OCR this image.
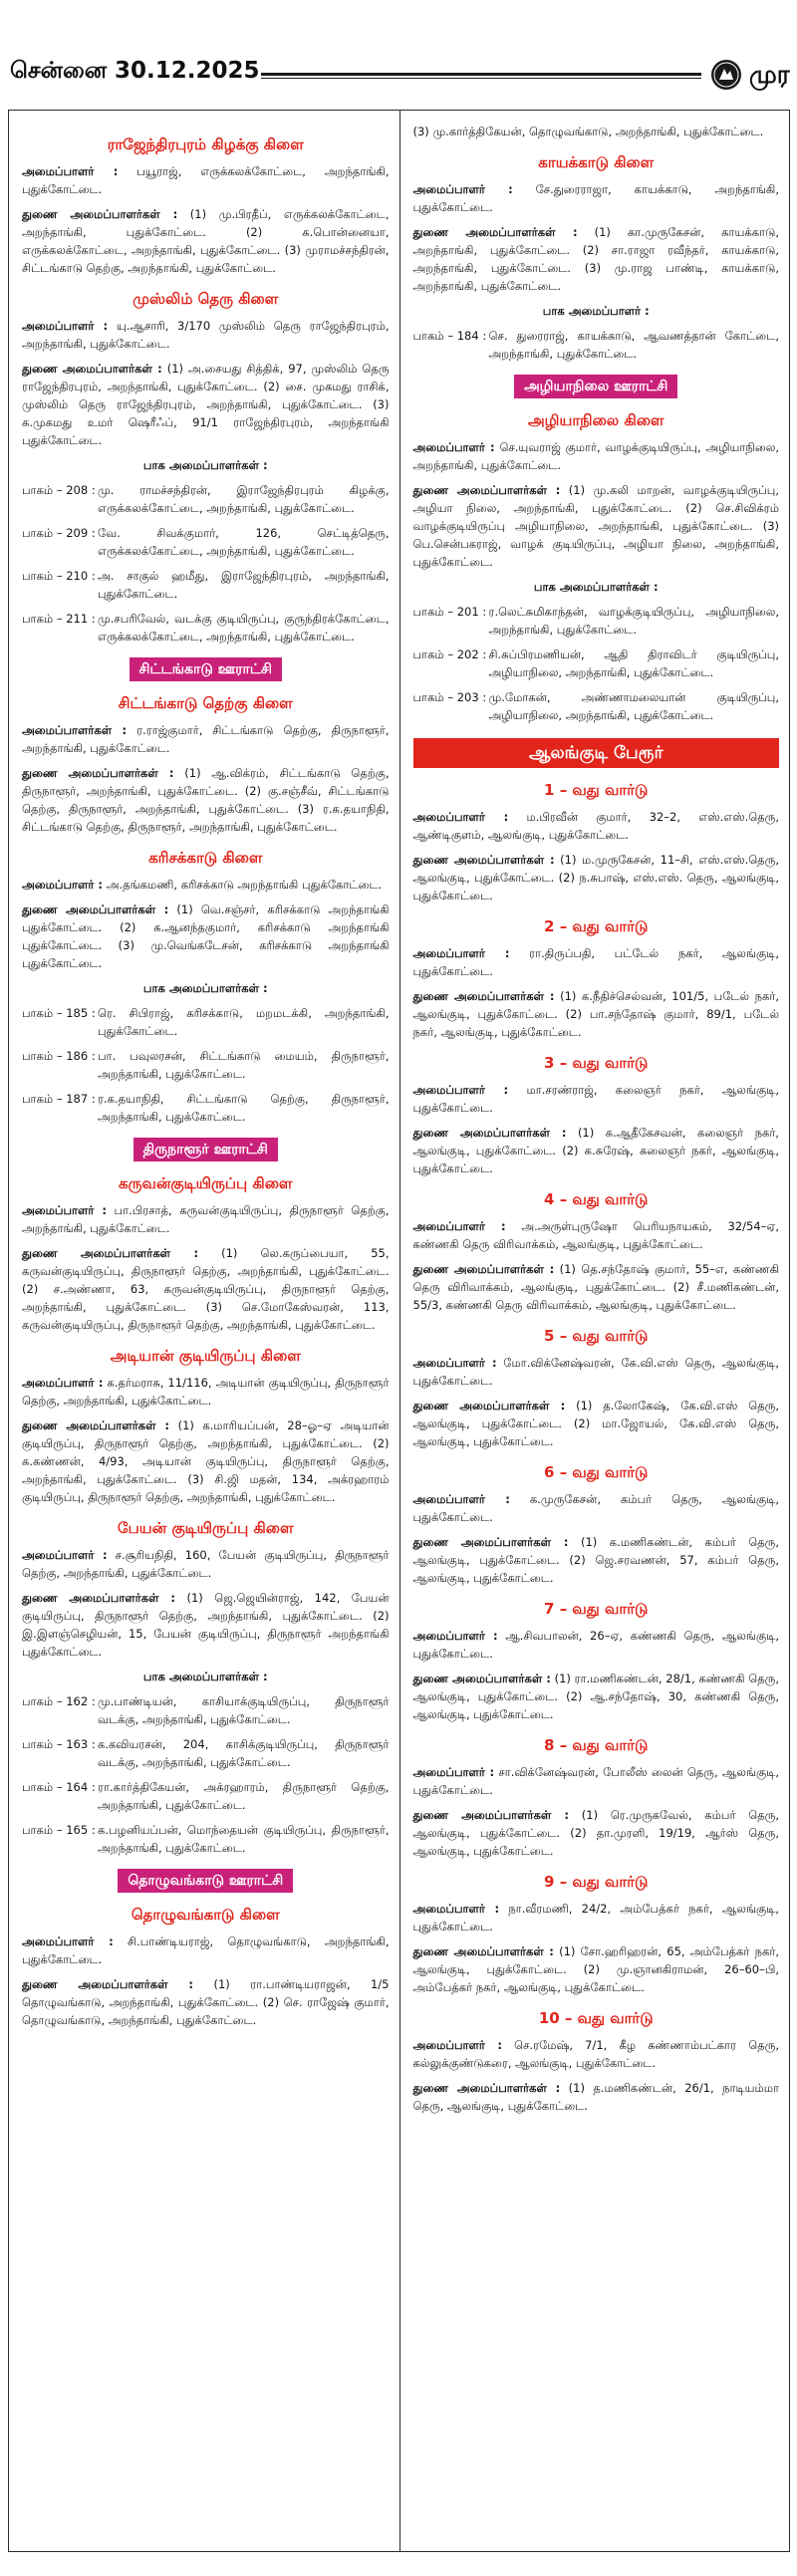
சென்னை 30.12.2025	முர
ராஜேந்திரபுரம் கிழக்கு கிளை

அமைப்பாளர் : பயூராஜ், எருக்கலக்கோட்டை, அறந்தாங்கி, புதுக்கோட்டை.

துணை அமைப்பாளர்கள் : (1) மு.பிரதீப், எருக்கலக்கோட்டை, அறந்தாங்கி, புதுக்கோட்டை. (2) க.பொன்னையா, எருக்கலக்கோட்டை, அறந்தாங்கி, புதுக்கோட்டை. (3) முராமச்சந்திரன், சிட்டங்காடு தெற்கு, அறந்தாங்கி, புதுக்கோட்டை.

முஸ்லிம் தெரு கிளை

அமைப்பாளர் : யு.ஆசாரி, 3/170 முஸ்லிம் தெரு ராஜேந்திரபுரம், அறந்தாங்கி, புதுக்கோட்டை.

துணை அமைப்பாளர்கள் : (1) அ.சையது சித்திக், 97, முஸ்லிம் தெரு ராஜேந்திரபுரம், அறந்தாங்கி, புதுக்கோட்டை. (2) சை. முகமது ராசிக், முஸ்லிம் தெரு ராஜேந்திரபுரம், அறந்தாங்கி, புதுக்கோட்டை. (3) க.முகமது உமர் ஷெரீஃப், 91/1 ராஜேந்திரபுரம், அறந்தாங்கி புதுக்கோட்டை.

பாக அமைப்பாளர்கள் :
பாகம் – 208 : மு. ராமச்சந்திரன், இராஜேந்திரபுரம் கிழக்கு, எருக்கலக்கோட்டை, அறந்தாங்கி, புதுக்கோட்டை.
பாகம் – 209 : வே. சிவக்குமார், 126, செட்டித்தெரு, எருக்கலக்கோட்டை, அறந்தாங்கி, புதுக்கோட்டை.
பாகம் – 210 : அ. சாகுல் ஹமீது, இராஜேந்திரபுரம், அறந்தாங்கி, புதுக்கோட்டை.
பாகம் – 211 : மு.சபரிவேல், வடக்கு குடியிருப்பு, குருந்திரக்கோட்டை, எருக்கலக்கோட்டை, அறந்தாங்கி, புதுக்கோட்டை.
சிட்டங்காடு ஊராட்சி
சிட்டங்காடு தெற்கு கிளை

அமைப்பாளர்கள் : ர.ராஜ்குமார், சிட்டங்காடு தெற்கு, திருநாளூர், அறந்தாங்கி, புதுக்கோட்டை.

துணை அமைப்பாளர்கள் : (1) ஆ.விக்ரம், சிட்டங்காடு தெற்கு, திருநாளூர், அறந்தாங்கி, புதுக்கோட்டை. (2) கு.சஞ்சீவ், சிட்டங்காடு தெற்கு, திருநாளூர், அறந்தாங்கி, புதுக்கோட்டை. (3) ர.க.தயாநிதி, சிட்டங்காடு தெற்கு, திருநாளூர், அறந்தாங்கி, புதுக்கோட்டை.

கரிசக்காடு கிளை

அமைப்பாளர் : அ.தங்கமணி, கரிசக்காடு அறந்தாங்கி புதுக்கோட்டை.

துணை அமைப்பாளர்கள் : (1) வெ.சஞ்சர், கரிசக்காடு அறந்தாங்கி புதுக்கோட்டை. (2) க.ஆனந்தகுமார், கரிசக்காடு அறந்தாங்கி புதுக்கோட்டை. (3) மு.வெங்கடேசன், கரிசக்காடு அறந்தாங்கி புதுக்கோட்டை.

பாக அமைப்பாளர்கள் :
பாகம் – 185 : ரெ. சிபிராஜ், கரிசக்காடு, மறமடக்கி, அறந்தாங்கி, புதுக்கோட்டை.
பாகம் – 186 : பா. பவுலரசன், சிட்டங்காடு மையம், திருநாளூர், அறந்தாங்கி, புதுக்கோட்டை.
பாகம் – 187 : ர.க.தயாநிதி, சிட்டங்காடு தெற்கு, திருநாளூர், அறந்தாங்கி, புதுக்கோட்டை.
திருநாளூர் ஊராட்சி
கருவன்குடியிருப்பு கிளை

அமைப்பாளர் : பா.பிரசாத், கருவன்குடியிருப்பு, திருநாளூர் தெற்கு, அறந்தாங்கி, புதுக்கோட்டை.

துணை அமைப்பாளர்கள் : (1) லெ.கருப்பையா, 55, கருவன்குடியிருப்பு, திருநாளூர் தெற்கு, அறந்தாங்கி, புதுக்கோட்டை. (2) ச.அண்ணா, 63, கருவன்குடியிருப்பு, திருநாளூர் தெற்கு, அறந்தாங்கி, புதுக்கோட்டை. (3) செ.மோகேஸ்வரன், 113, கருவன்குடியிருப்பு, திருநாளூர் தெற்கு, அறந்தாங்கி, புதுக்கோட்டை.

அடியான் குடியிருப்பு கிளை

அமைப்பாளர் : க.தர்மராசு, 11/116, அடியான் குடியிருப்பு, திருநாளூர் தெற்கு, அறந்தாங்கி, புதுக்கோட்டை.

துணை அமைப்பாளர்கள் : (1) க.மாரியப்பன், 28–ஓ–ஏ அடியான் குடியிருப்பு, திருநாளூர் தெற்கு, அறந்தாங்கி, புதுக்கோட்டை. (2) க.கண்ணன், 4/93, அடியான் குடியிருப்பு, திருநாளூர் தெற்கு, அறந்தாங்கி, புதுக்கோட்டை. (3) சி.ஜி மதன், 134, அக்ரஹாரம் குடியிருப்பு, திருநாளூர் தெற்கு, அறந்தாங்கி, புதுக்கோட்டை.

பேயன் குடியிருப்பு கிளை

அமைப்பாளர் : ச.சூரியநிதி, 160, பேயன் குடியிருப்பு, திருநாளூர் தெற்கு, அறந்தாங்கி, புதுக்கோட்டை.

துணை அமைப்பாளர்கள் : (1) ஜெ.ஜெயின்ராஜ், 142, பேயன் குடியிருப்பு, திருநாளூர் தெற்கு, அறந்தாங்கி, புதுக்கோட்டை. (2) இ.இளஞ்செழியன், 15, பேயன் குடியிருப்பு, திருநாளூர் அறந்தாங்கி புதுக்கோட்டை.

பாக அமைப்பாளர்கள் :
பாகம் – 162 : மு.பாண்டியன், காசியாக்குடியிருப்பு, திருநாளூர் வடக்கு, அறந்தாங்கி, புதுக்கோட்டை.
பாகம் – 163 : க.கவியரசன், 204, காசிக்குடியிருப்பு, திருநாளூர் வடக்கு, அறந்தாங்கி, புதுக்கோட்டை.
பாகம் – 164 : ரா.கார்த்திகேயன், அக்ரஹாரம், திருநாளூர் தெற்கு, அறந்தாங்கி, புதுக்கோட்டை.
பாகம் – 165 : க.பழனியப்பன், மொந்தையன் குடியிருப்பு, திருநாளூர், அறந்தாங்கி, புதுக்கோட்டை.
தொழுவங்காடு ஊராட்சி
தொழுவங்காடு கிளை

அமைப்பாளர் : சி.பாண்டியராஜ், தொழுவங்காடு, அறந்தாங்கி, புதுக்கோட்டை.

துணை அமைப்பாளர்கள் : (1) ரா.பாண்டியராஜன், 1/5 தொழுவங்காடு, அறந்தாங்கி, புதுக்கோட்டை. (2) செ. ராஜேஷ் குமார், தொழுவங்காடு, அறந்தாங்கி, புதுக்கோட்டை.

(3) மு.கார்த்திகேயன், தொழுவங்காடு, அறந்தாங்கி, புதுக்கோட்டை.

காயக்காடு கிளை

அமைப்பாளர் : சே.துரைராஜா, காயக்காடு, அறந்தாங்கி, புதுக்கோட்டை.

துணை அமைப்பாளர்கள் : (1) கா.முருகேசன், காயக்காடு, அறந்தாங்கி, புதுக்கோட்டை. (2) சா.ராஜா ரவீந்தர், காயக்காடு, அறந்தாங்கி, புதுக்கோட்டை. (3) மு.ராஜ பாண்டி, காயக்காடு, அறந்தாங்கி, புதுக்கோட்டை.

பாக அமைப்பாளர் :
பாகம் – 184 : செ. துரைராஜ், காயக்காடு, ஆவணத்தான் கோட்டை, அறந்தாங்கி, புதுக்கோட்டை.
அழியாநிலை ஊராட்சி
அழியாநிலை கிளை

அமைப்பாளர் : செ.யுவராஜ் குமார், வாழக்குடியிருப்பு, அழியாநிலை, அறந்தாங்கி, புதுக்கோட்டை.

துணை அமைப்பாளர்கள் : (1) மு.கலி மாறன், வாழக்குடியிருப்பு, அழியா நிலை, அறந்தாங்கி, புதுக்கோட்டை. (2) செ.சிவிக்ரம் வாழக்குடியிருப்பு அழியாநிலை, அறந்தாங்கி, புதுக்கோட்டை. (3) பெ.சென்பகராஜ், வாழக் குடியிருப்பு, அழியா நிலை, அறந்தாங்கி, புதுக்கோட்டை.

பாக அமைப்பாளர்கள் :
பாகம் – 201 : ர.லெட்சுமிகாந்தன், வாழக்குடியிருப்பு, அழியாநிலை, அறந்தாங்கி, புதுக்கோட்டை.
பாகம் – 202 : சி.சுப்பிரமணியன், ஆதி திராவிடர் குடியிருப்பு, அழியாநிலை, அறந்தாங்கி, புதுக்கோட்டை.
பாகம் – 203 : மு.மோகன், அண்ணாமலையான் குடியிருப்பு, அழியாநிலை, அறந்தாங்கி, புதுக்கோட்டை.
ஆலங்குடி பேரூர்
1 – வது வார்டு

அமைப்பாளர் : ம.பிரவீன் குமார், 32–2, எஸ்.எஸ்.தெரு, ஆண்டிகுளம், ஆலங்குடி, புதுக்கோட்டை.

துணை அமைப்பாளர்கள் : (1) ம.முருகேசன், 11–சி, எஸ்.எஸ்.தெரு, ஆலங்குடி, புதுக்கோட்டை. (2) ந.சுபாஷ், எஸ்.எஸ். தெரு, ஆலங்குடி, புதுக்கோட்டை.

2 – வது வார்டு

அமைப்பாளர் : ரா.திருப்பதி, பட்டேல் நகர், ஆலங்குடி, புதுக்கோட்டை.

துணை அமைப்பாளர்கள் : (1) க.நீதிச்செல்வன், 101/5, படேல் நகர், ஆலங்குடி, புதுக்கோட்டை. (2) பா.சந்தோஷ் குமார், 89/1, படேல் நகர், ஆலங்குடி, புதுக்கோட்டை.

3 – வது வார்டு

அமைப்பாளர் : மா.சரண்ராஜ், கலைஞர் நகர், ஆலங்குடி, புதுக்கோட்டை.

துணை அமைப்பாளர்கள் : (1) க.ஆதீகேசவன், கலைஞர் நகர், ஆலங்குடி, புதுக்கோட்டை. (2) க.சுரேஷ், கலைஞர் நகர், ஆலங்குடி, புதுக்கோட்டை.

4 – வது வார்டு

அமைப்பாளர் : அ.அருள்புருஷோ பெரியநாயகம், 32/54–ஏ, கண்ணகி தெரு விரிவாக்கம், ஆலங்குடி, புதுக்கோட்டை.

துணை அமைப்பாளர்கள் : (1) தெ.சந்தோஷ் குமார், 55–எ, கண்ணகி தெரு விரிவாக்கம், ஆலங்குடி, புதுக்கோட்டை. (2) சீ.மணிகண்டன், 55/3, கண்ணகி தெரு விரிவாக்கம், ஆலங்குடி, புதுக்கோட்டை.

5 – வது வார்டு

அமைப்பாளர் : மோ.விக்னேஷ்வரன், கே.வி.எஸ் தெரு, ஆலங்குடி, புதுக்கோட்டை.

துணை அமைப்பாளர்கள் : (1) த.லோகேஷ், கே.வி.எஸ் தெரு, ஆலங்குடி, புதுக்கோட்டை. (2) மா.ஜோயல், கே.வி.எஸ் தெரு, ஆலங்குடி, புதுக்கோட்டை.

6 – வது வார்டு

அமைப்பாளர் : க.முருகேசன், கம்பர் தெரு, ஆலங்குடி, புதுக்கோட்டை.

துணை அமைப்பாளர்கள் : (1) க.மணிகண்டன், கம்பர் தெரு, ஆலங்குடி, புதுக்கோட்டை. (2) ஜெ.சரவணன், 57, கம்பர் தெரு, ஆலங்குடி, புதுக்கோட்டை.

7 – வது வார்டு

அமைப்பாளர் : ஆ.சிவபாலன், 26–ஏ, கண்ணகி தெரு, ஆலங்குடி, புதுக்கோட்டை.

துணை அமைப்பாளர்கள் : (1) ரா.மணிகண்டன், 28/1, கண்ணகி தெரு, ஆலங்குடி, புதுக்கோட்டை. (2) ஆ.சந்தோஷ், 30, கண்ணகி தெரு, ஆலங்குடி, புதுக்கோட்டை.

8 – வது வார்டு

அமைப்பாளர் : சா.விக்னேஷ்வரன், போலீஸ் லைன் தெரு, ஆலங்குடி, புதுக்கோட்டை.

துணை அமைப்பாளர்கள் : (1) ரெ.முருகவேல், கம்பர் தெரு, ஆலங்குடி, புதுக்கோட்டை. (2) தா.முரளி, 19/19, ஆர்ஸ் தெரு, ஆலங்குடி, புதுக்கோட்டை.

9 – வது வார்டு

அமைப்பாளர் : நா.வீரமணி, 24/2, அம்பேத்கர் நகர், ஆலங்குடி, புதுக்கோட்டை.

துணை அமைப்பாளர்கள் : (1) சோ.ஹரிஹரன், 65, அம்பேத்கர் நகர், ஆலங்குடி, புதுக்கோட்டை. (2) மு.ஞானகிராமன், 26–60–பி, அம்பேத்கர் நகர், ஆலங்குடி, புதுக்கோட்டை.

10 – வது வார்டு

அமைப்பாளர் : செ.ரமேஷ், 7/1, கீழ கண்ணாம்பட்கார தெரு, கல்லுக்குண்டுகரை, ஆலங்குடி, புதுக்கோட்டை.

துணை அமைப்பாளர்கள் : (1) த.மணிகண்டன், 26/1, நாடியம்மா தெரு, ஆலங்குடி, புதுக்கோட்டை.
